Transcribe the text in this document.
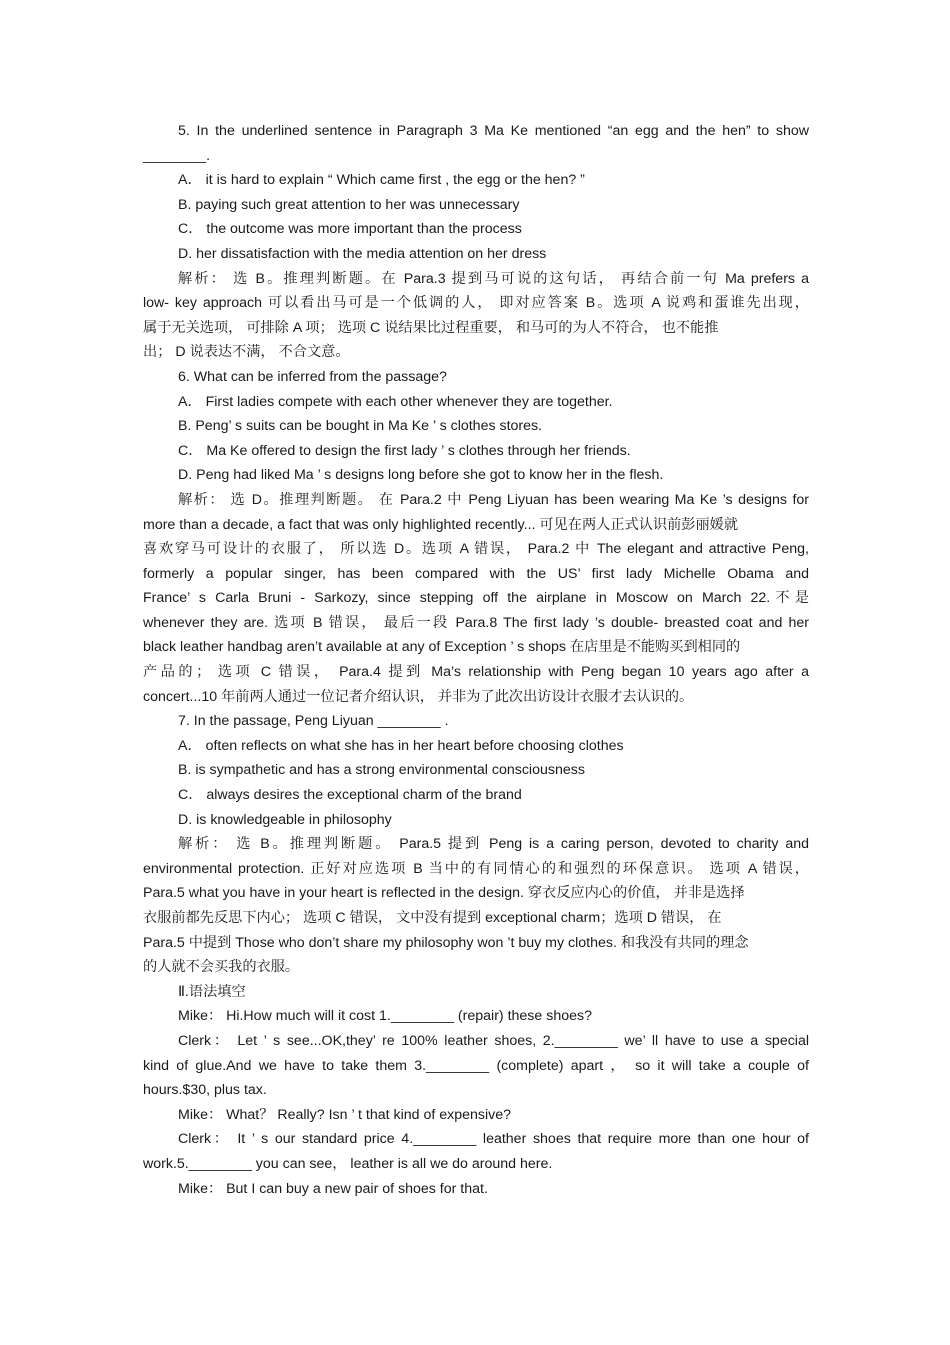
5. In the underlined sentence in Paragraph 3 Ma Ke mentioned “an egg and the hen” to show
________.
A． it is hard to explain “ Which came first , the egg or the hen? ”
B. paying such great attention to her was unnecessary
C． the outcome was more important than the process
D. her dissatisfaction with the media attention on her dress
解析： 选 B。推理判断题。在 Para.3 提到马可说的这句话， 再结合前一句 Ma prefers a
low- key approach 可以看出马可是一个低调的人， 即对应答案 B。选项 A 说鸡和蛋谁先出现，
属于无关选项， 可排除 A 项； 选项 C 说结果比过程重要， 和马可的为人不符合， 也不能推
出； D 说表达不满， 不合文意。
6. What can be inferred from the passage?
A． First ladies compete with each other whenever they are together.
B. Peng’ s suits can be bought in Ma Ke ’ s clothes stores.
C． Ma Ke offered to design the first lady ’ s clothes through her friends.
D. Peng had liked Ma ’ s designs long before she got to know her in the flesh.
解析： 选 D。推理判断题。 在 Para.2 中 Peng Liyuan has been wearing Ma Ke ’s designs for
more than a decade, a fact that was only highlighted recently... 可见在两人正式认识前彭丽媛就
喜欢穿马可设计的衣服了， 所以选 D。选项 A 错误， Para.2 中 The elegant and attractive Peng,
formerly a popular singer, has been compared with the US’ first lady Michelle Obama and
France’ s Carla Bruni - Sarkozy, since stepping off the airplane in Moscow on March 22.不是
whenever they are. 选项 B 错误， 最后一段 Para.8 The first lady ’s double- breasted coat and her
black leather handbag aren’t available at any of Exception ’ s shops 在店里是不能购买到相同的
产品的； 选项 C 错误， Para.4 提到 Ma’s relationship with Peng began 10 years ago after a
concert...10 年前两人通过一位记者介绍认识， 并非为了此次出访设计衣服才去认识的。
7. In the passage, Peng Liyuan ________ .
A． often reflects on what she has in her heart before choosing clothes
B. is sympathetic and has a strong environmental consciousness
C． always desires the exceptional charm of the brand
D. is knowledgeable in philosophy
解析： 选 B。推理判断题。 Para.5 提到 Peng is a caring person, devoted to charity and
environmental protection. 正好对应选项 B 当中的有同情心的和强烈的环保意识。 选项 A 错误，
Para.5 what you have in your heart is reflected in the design. 穿衣反应内心的价值， 并非是选择
衣服前都先反思下内心； 选项 C 错误， 文中没有提到 exceptional charm；选项 D 错误， 在
Para.5 中提到 Those who don’t share my philosophy won ’t buy my clothes. 和我没有共同的理念
的人就不会买我的衣服。
Ⅱ.语法填空
Mike： Hi.How much will it cost 1.________ (repair) these shoes?
Clerk： Let ’ s see...OK,they’ re 100% leather shoes, 2.________ we’ ll have to use a special
kind of glue.And we have to take them 3.________ (complete) apart ， so it will take a couple of
hours.$30, plus tax.
Mike： What？ Really? Isn ’ t that kind of expensive?
Clerk： It ’ s our standard price 4.________ leather shoes that require more than one hour of
work.5.________ you can see， leather is all we do around here.
Mike： But I can buy a new pair of shoes for that.
